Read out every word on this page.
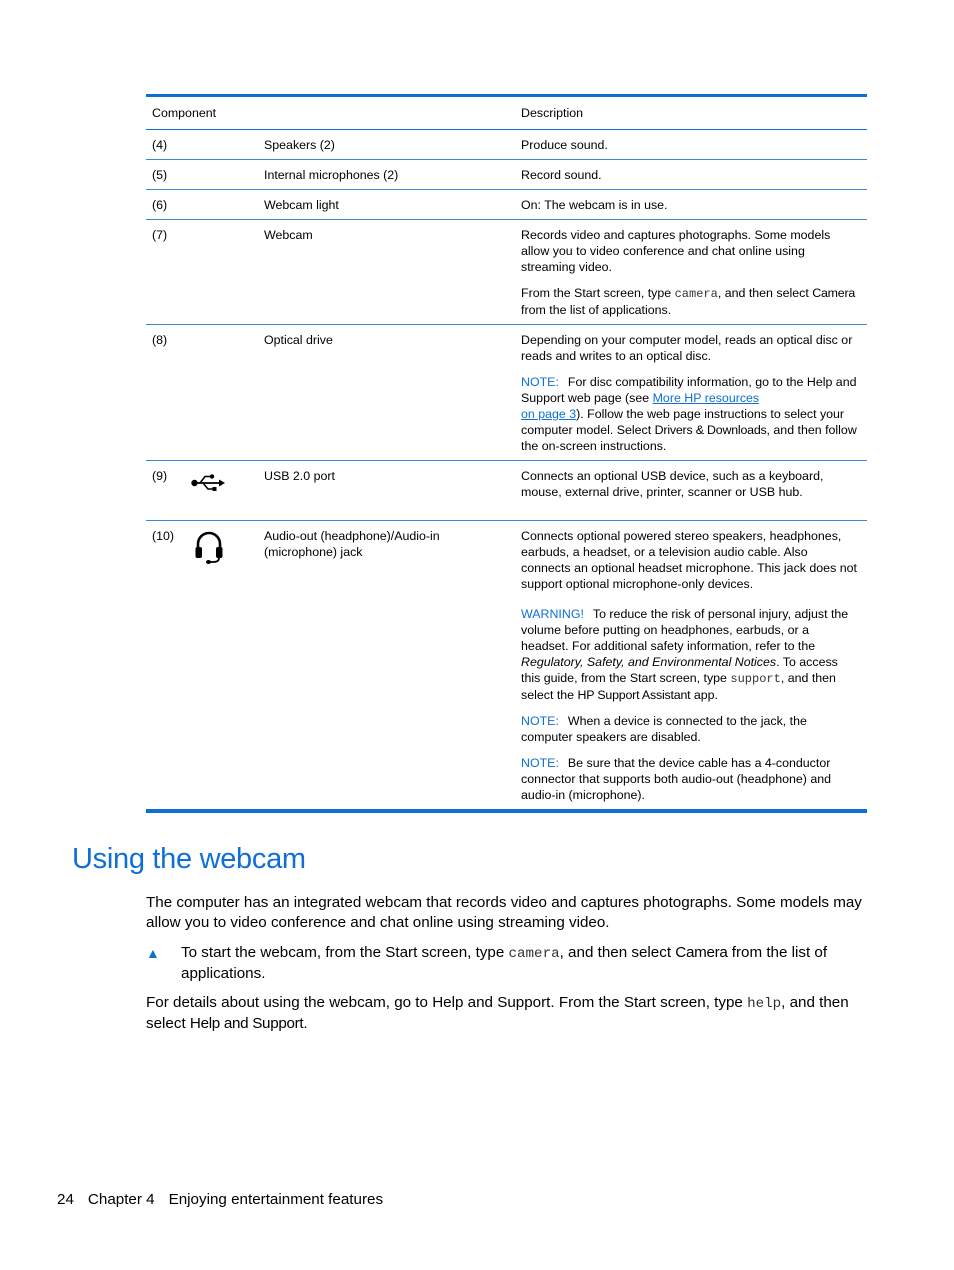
Component			Description
(4)		Speakers (2)	Produce sound.
(5)		Internal microphones (2)	Record sound.
(6)		Webcam light	On: The webcam is in use.
(7)		Webcam	Records video and captures photographs. Some models allow you to video conference and chat online using streaming video.

From the Start screen, type camera, and then select Camera from the list of applications.

(8)		Optical drive	Depending on your computer model, reads an optical disc or reads and writes to an optical disc.

NOTE: For disc compatibility information, go to the Help and Support web page (see More HP resources
on page 3). Follow the web page instructions to select your computer model. Select Drivers & Downloads, and then follow the on-screen instructions.

(9)		USB 2.0 port	Connects an optional USB device, such as a keyboard, mouse, external drive, printer, scanner or USB hub.
(10)		Audio-out (headphone)/Audio-in (microphone) jack	Connects optional powered stereo speakers, headphones, earbuds, a headset, or a television audio cable. Also connects an optional headset microphone. This jack does not support optional microphone-only devices.

WARNING! To reduce the risk of personal injury, adjust the volume before putting on headphones, earbuds, or a headset. For additional safety information, refer to the Regulatory, Safety, and Environmental Notices. To access this guide, from the Start screen, type support, and then select the HP Support Assistant app.

NOTE: When a device is connected to the jack, the computer speakers are disabled.

NOTE: Be sure that the device cable has a 4-conductor connector that supports both audio-out (headphone) and audio-in (microphone).

Using the webcam

The computer has an integrated webcam that records video and captures photographs. Some models may allow you to video conference and chat online using streaming video.

▲ To start the webcam, from the Start screen, type camera, and then select Camera from the list of applications.

For details about using the webcam, go to Help and Support. From the Start screen, type help, and then select Help and Support.

24 Chapter 4 Enjoying entertainment features
